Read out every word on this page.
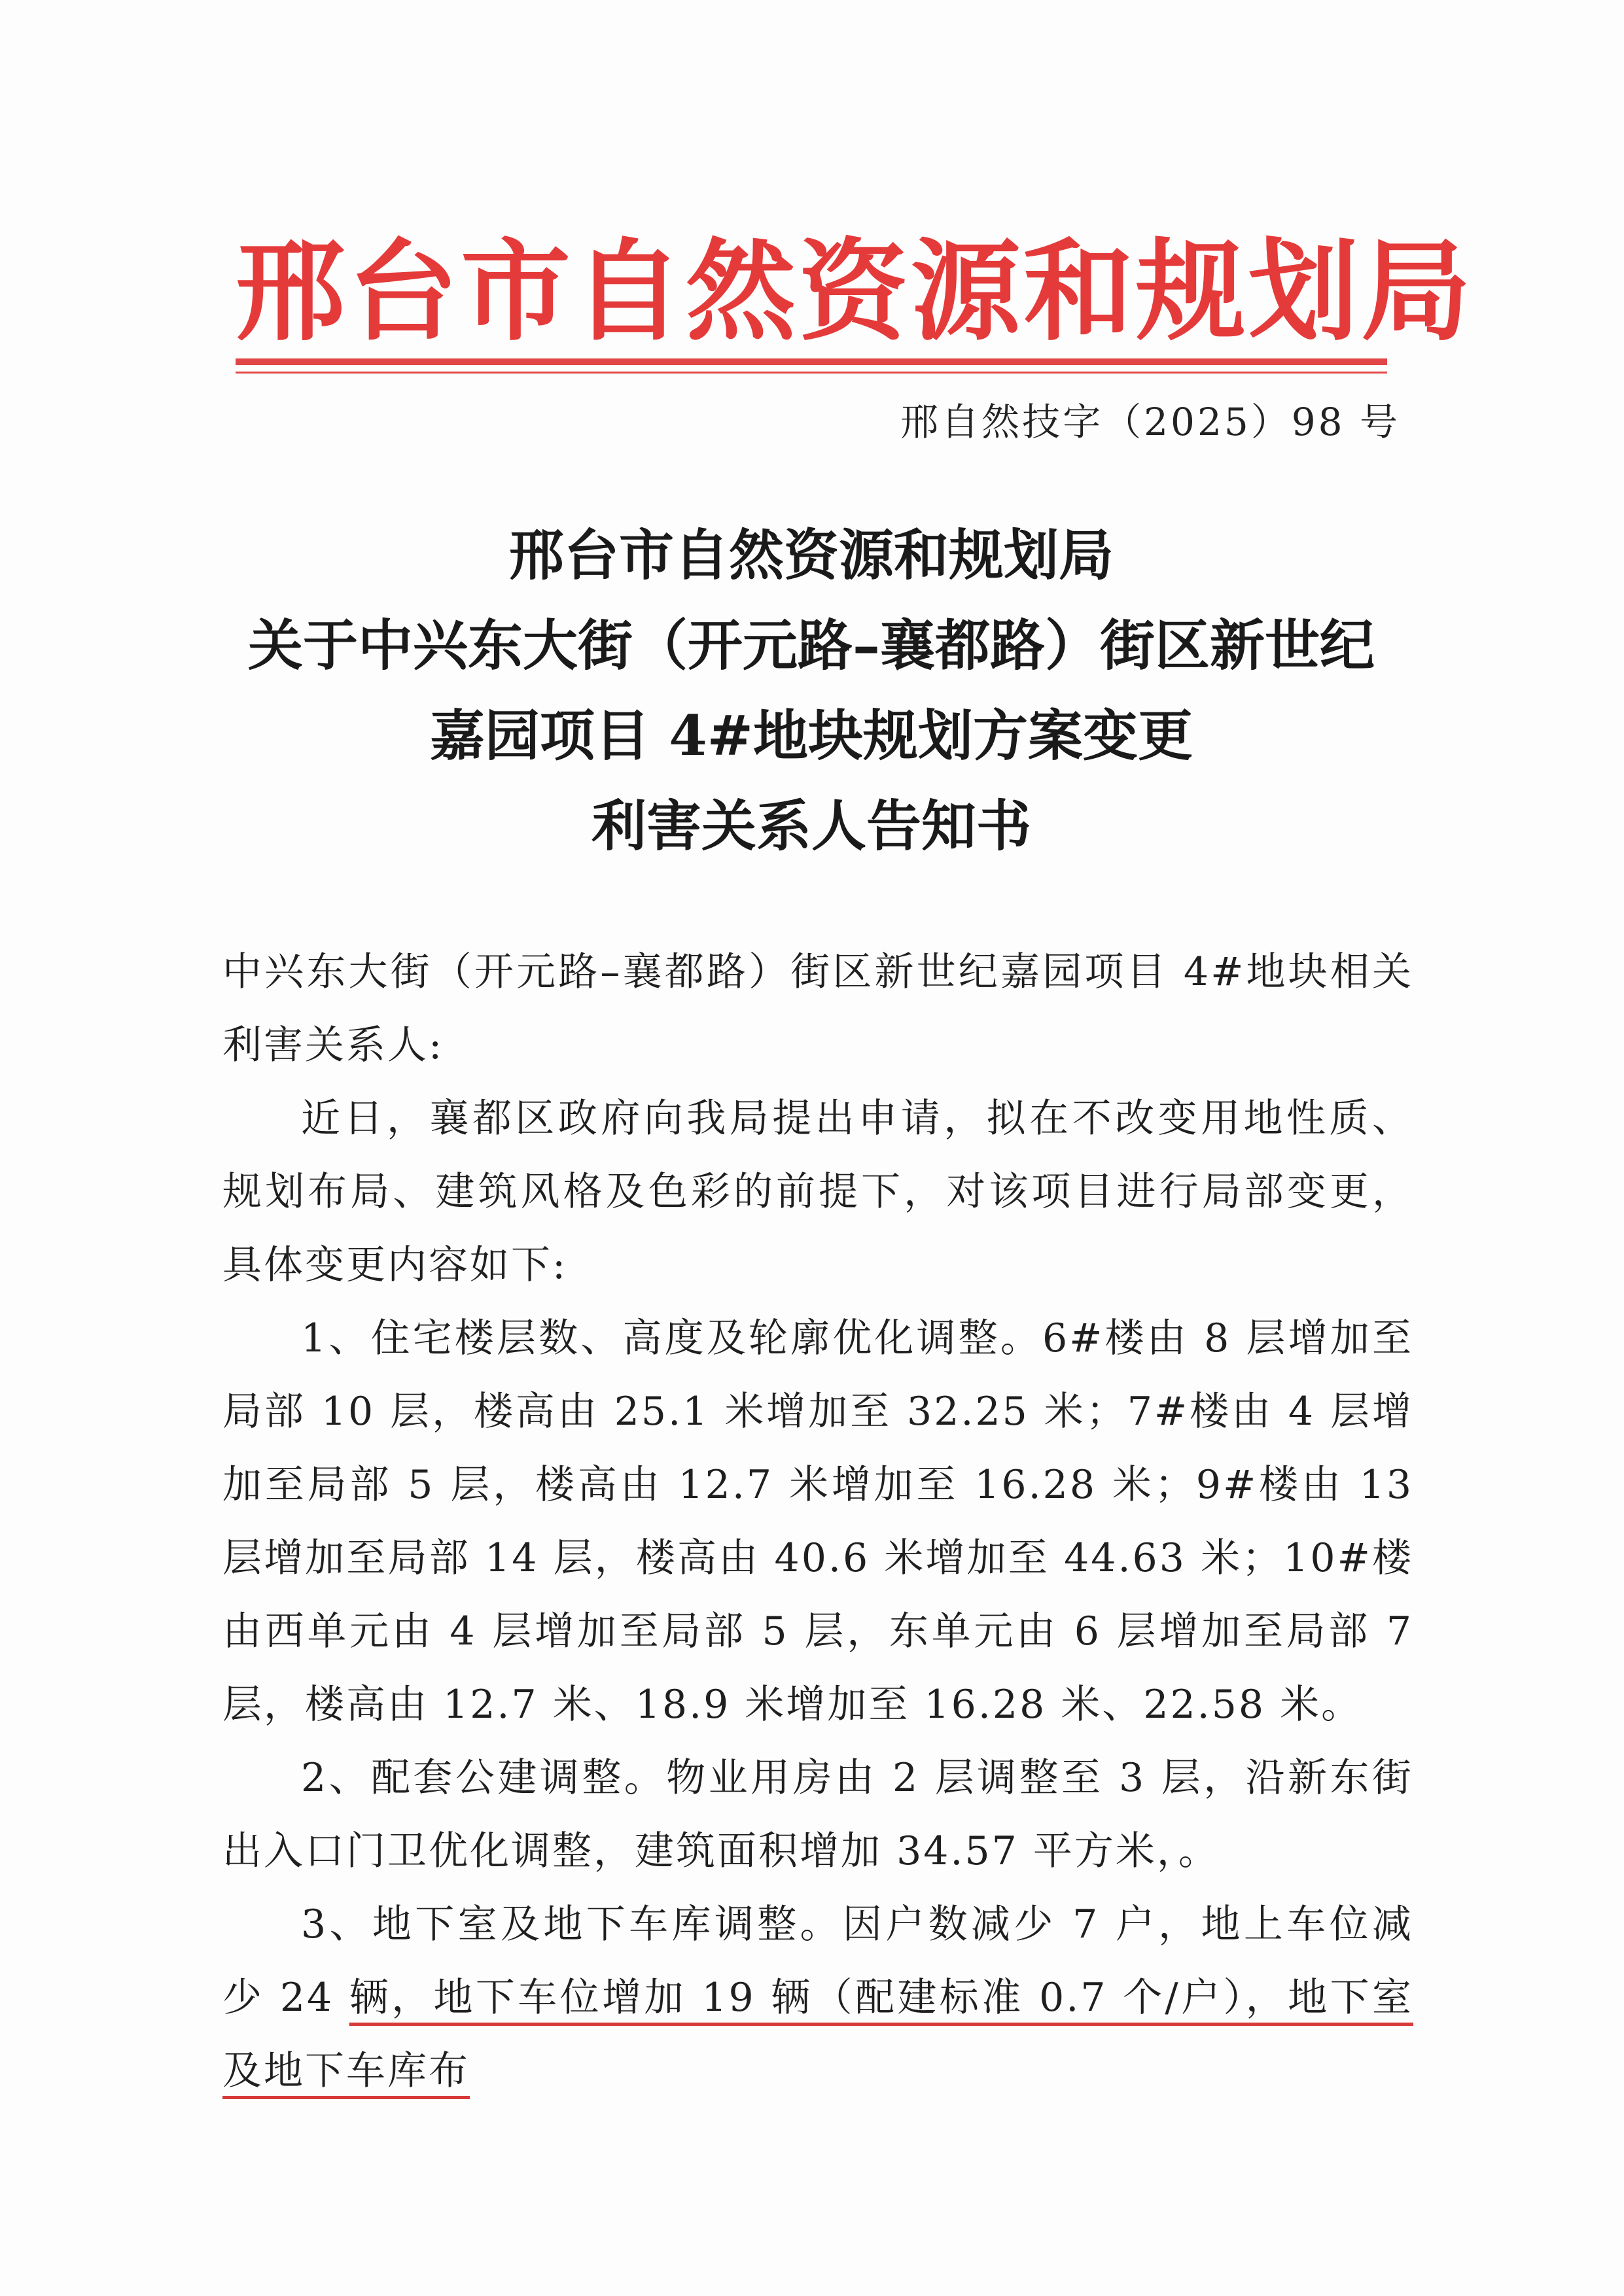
邢台市自然资源和规划局
邢自然技字（2025）98 号
邢台市自然资源和规划局
关于中兴东大街（开元路–襄都路）街区新世纪
嘉园项目 4#地块规划方案变更
利害关系人告知书

中兴东大街（开元路–襄都路）街区新世纪嘉园项目 4#地块相关利害关系人:

近日，襄都区政府向我局提出申请，拟在不改变用地性质、规划布局、建筑风格及色彩的前提下，对该项目进行局部变更，具体变更内容如下:

1、住宅楼层数、高度及轮廓优化调整。6#楼由 8 层增加至局部 10 层，楼高由 25.1 米增加至 32.25 米；7#楼由 4 层增加至局部 5 层，楼高由 12.7 米增加至 16.28 米；9#楼由 13 层增加至局部 14 层，楼高由 40.6 米增加至 44.63 米；10#楼由西单元由 4 层增加至局部 5 层，东单元由 6 层增加至局部 7 层，楼高由 12.7 米、18.9 米增加至 16.28 米、22.58 米。

2、配套公建调整。物业用房由 2 层调整至 3 层，沿新东街出入口门卫优化调整，建筑面积增加 34.57 平方米，。

3、地下室及地下车库调整。因户数减少 7 户，地上车位减少 24 辆，地下车位增加 19 辆（配建标准 0.7 个/户），地下室及地下车库布
